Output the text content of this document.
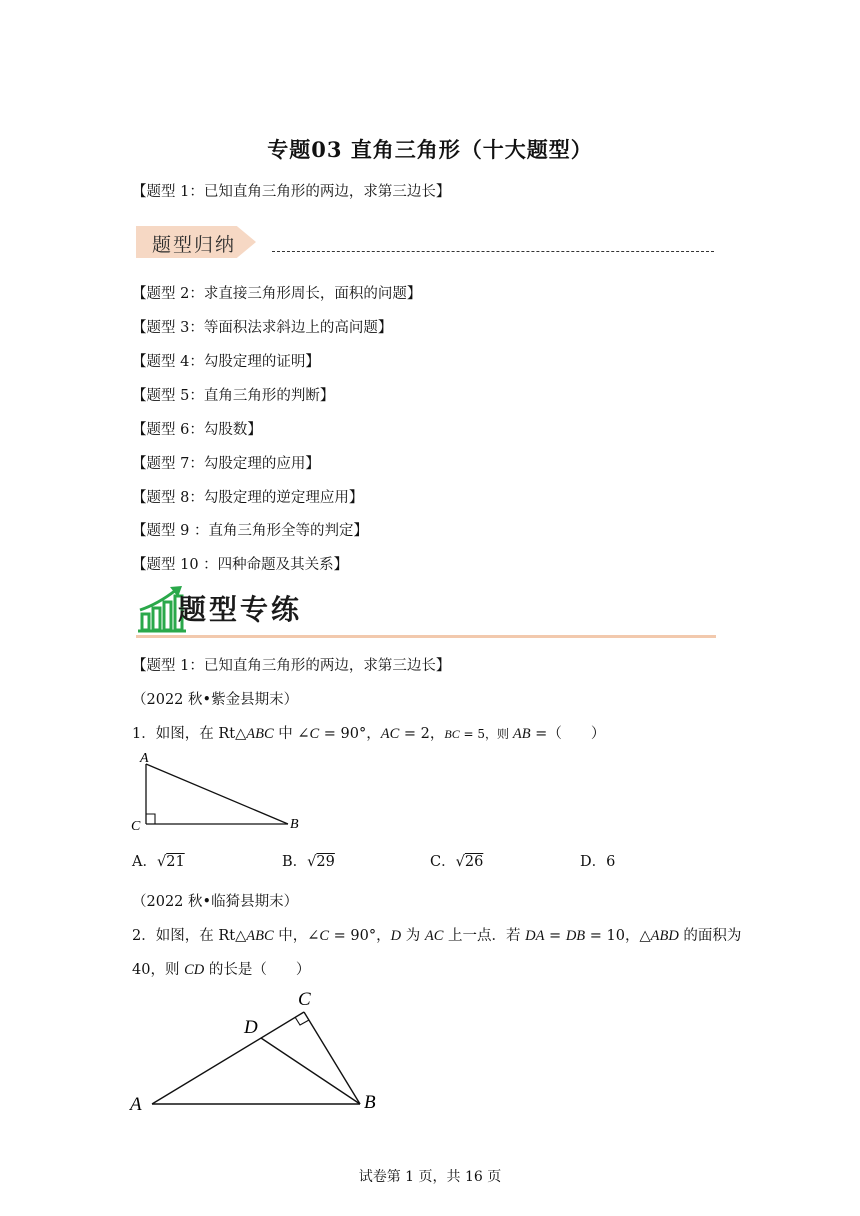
专题03 直角三角形（十大题型）
【题型 1：已知直角三角形的两边，求第三边长】
题型归纳
【题型 2：求直接三角形周长，面积的问题】
【题型 3：等面积法求斜边上的高问题】
【题型 4：勾股定理的证明】
【题型 5：直角三角形的判断】
【题型 6：勾股数】
【题型 7：勾股定理的应用】
【题型 8：勾股定理的逆定理应用】
【题型 9 ：直角三角形全等的判定】
【题型 10 ：四种命题及其关系】
题型专练
【题型 1：已知直角三角形的两边，求第三边长】
（2022 秋•紫金县期末）
1．如图，在 Rt△ABC 中 ∠C = 90°，AC = 2，BC = 5，则 AB =（　　）
A
C	B
A．√21	B．√29	C．√26	D．6
（2022 秋•临猗县期末）
2．如图，在 Rt△ABC 中，∠C = 90°，D 为 AC 上一点．若 DA = DB = 10，△ABD 的面积为
40，则 CD 的长是（　　）
A	B
C
D
试卷第 1 页，共 16 页
